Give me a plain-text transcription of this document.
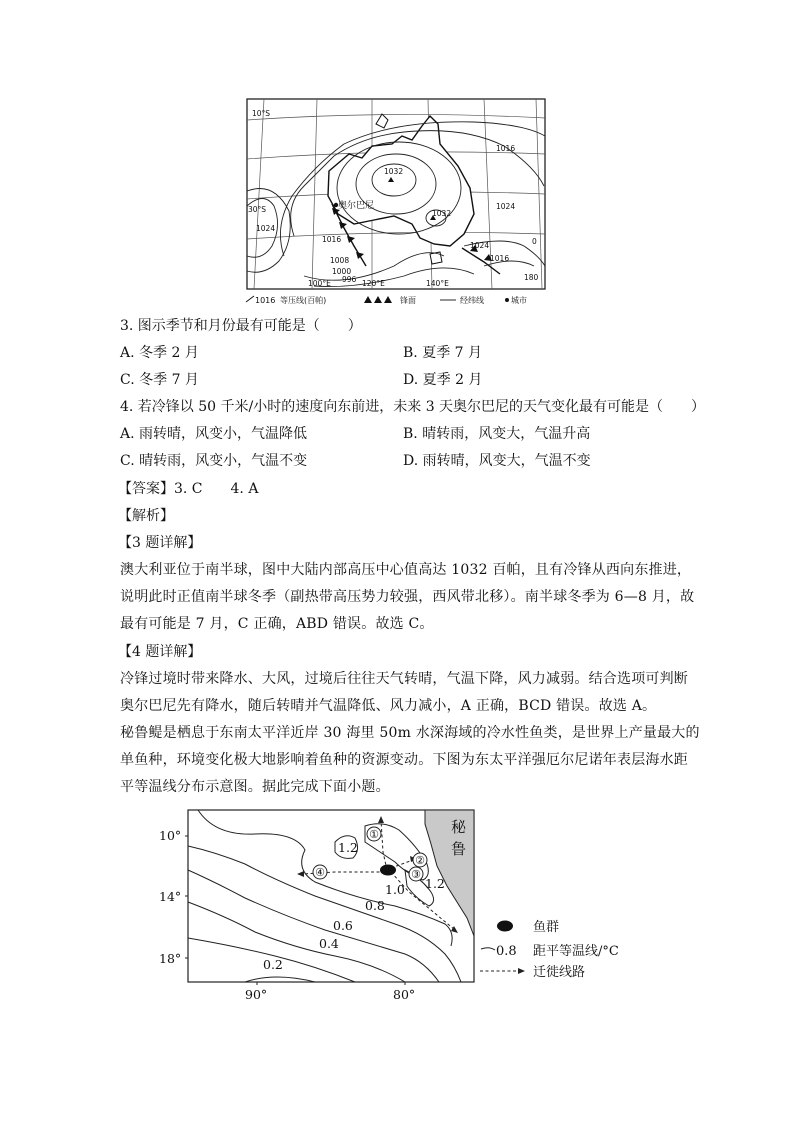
1032
1032
1024
1024
1024
1016
1016
1016
1008
1000
996
0
180
10°S
30°S
100°E	120°E	140°E
奥尔巴尼
1016 等压线(百帕)	锋面	经纬线	城市
3. 图示季节和月份最有可能是（　　）
A. 冬季 2 月	B. 夏季 7 月
C. 冬季 7 月	D. 夏季 2 月
4. 若冷锋以 50 千米/小时的速度向东前进，未来 3 天奥尔巴尼的天气变化最有可能是（　　）
A. 雨转晴，风变小，气温降低	B. 晴转雨，风变大，气温升高
C. 晴转雨，风变小，气温不变	D. 雨转晴，风变大，气温不变
【答案】3. C　　4. A
【解析】
【3 题详解】
澳大利亚位于南半球，图中大陆内部高压中心值高达 1032 百帕，且有冷锋从西向东推进，
说明此时正值南半球冬季（副热带高压势力较强，西风带北移）。南半球冬季为 6—8 月，故
最有可能是 7 月，C 正确，ABD 错误。故选 C。
【4 题详解】
冷锋过境时带来降水、大风，过境后往往天气转晴，气温下降，风力减弱。结合选项可判断
奥尔巴尼先有降水，随后转晴并气温降低、风力减小，A 正确，BCD 错误。故选 A。
秘鲁鳀是栖息于东南太平洋近岸 30 海里 50m 水深海域的冷水性鱼类，是世界上产量最大的
单鱼种，环境变化极大地影响着鱼种的资源变动。下图为东太平洋强厄尔尼诺年表层海水距
平等温线分布示意图。据此完成下面小题。
①
②
③
④
1.2
1.2
1.0
0.8
0.6
0.4
0.2
秘
鲁
10°
14°
18°
90°	80°
鱼群
0.8 距平等温线/°C
迁徙线路
